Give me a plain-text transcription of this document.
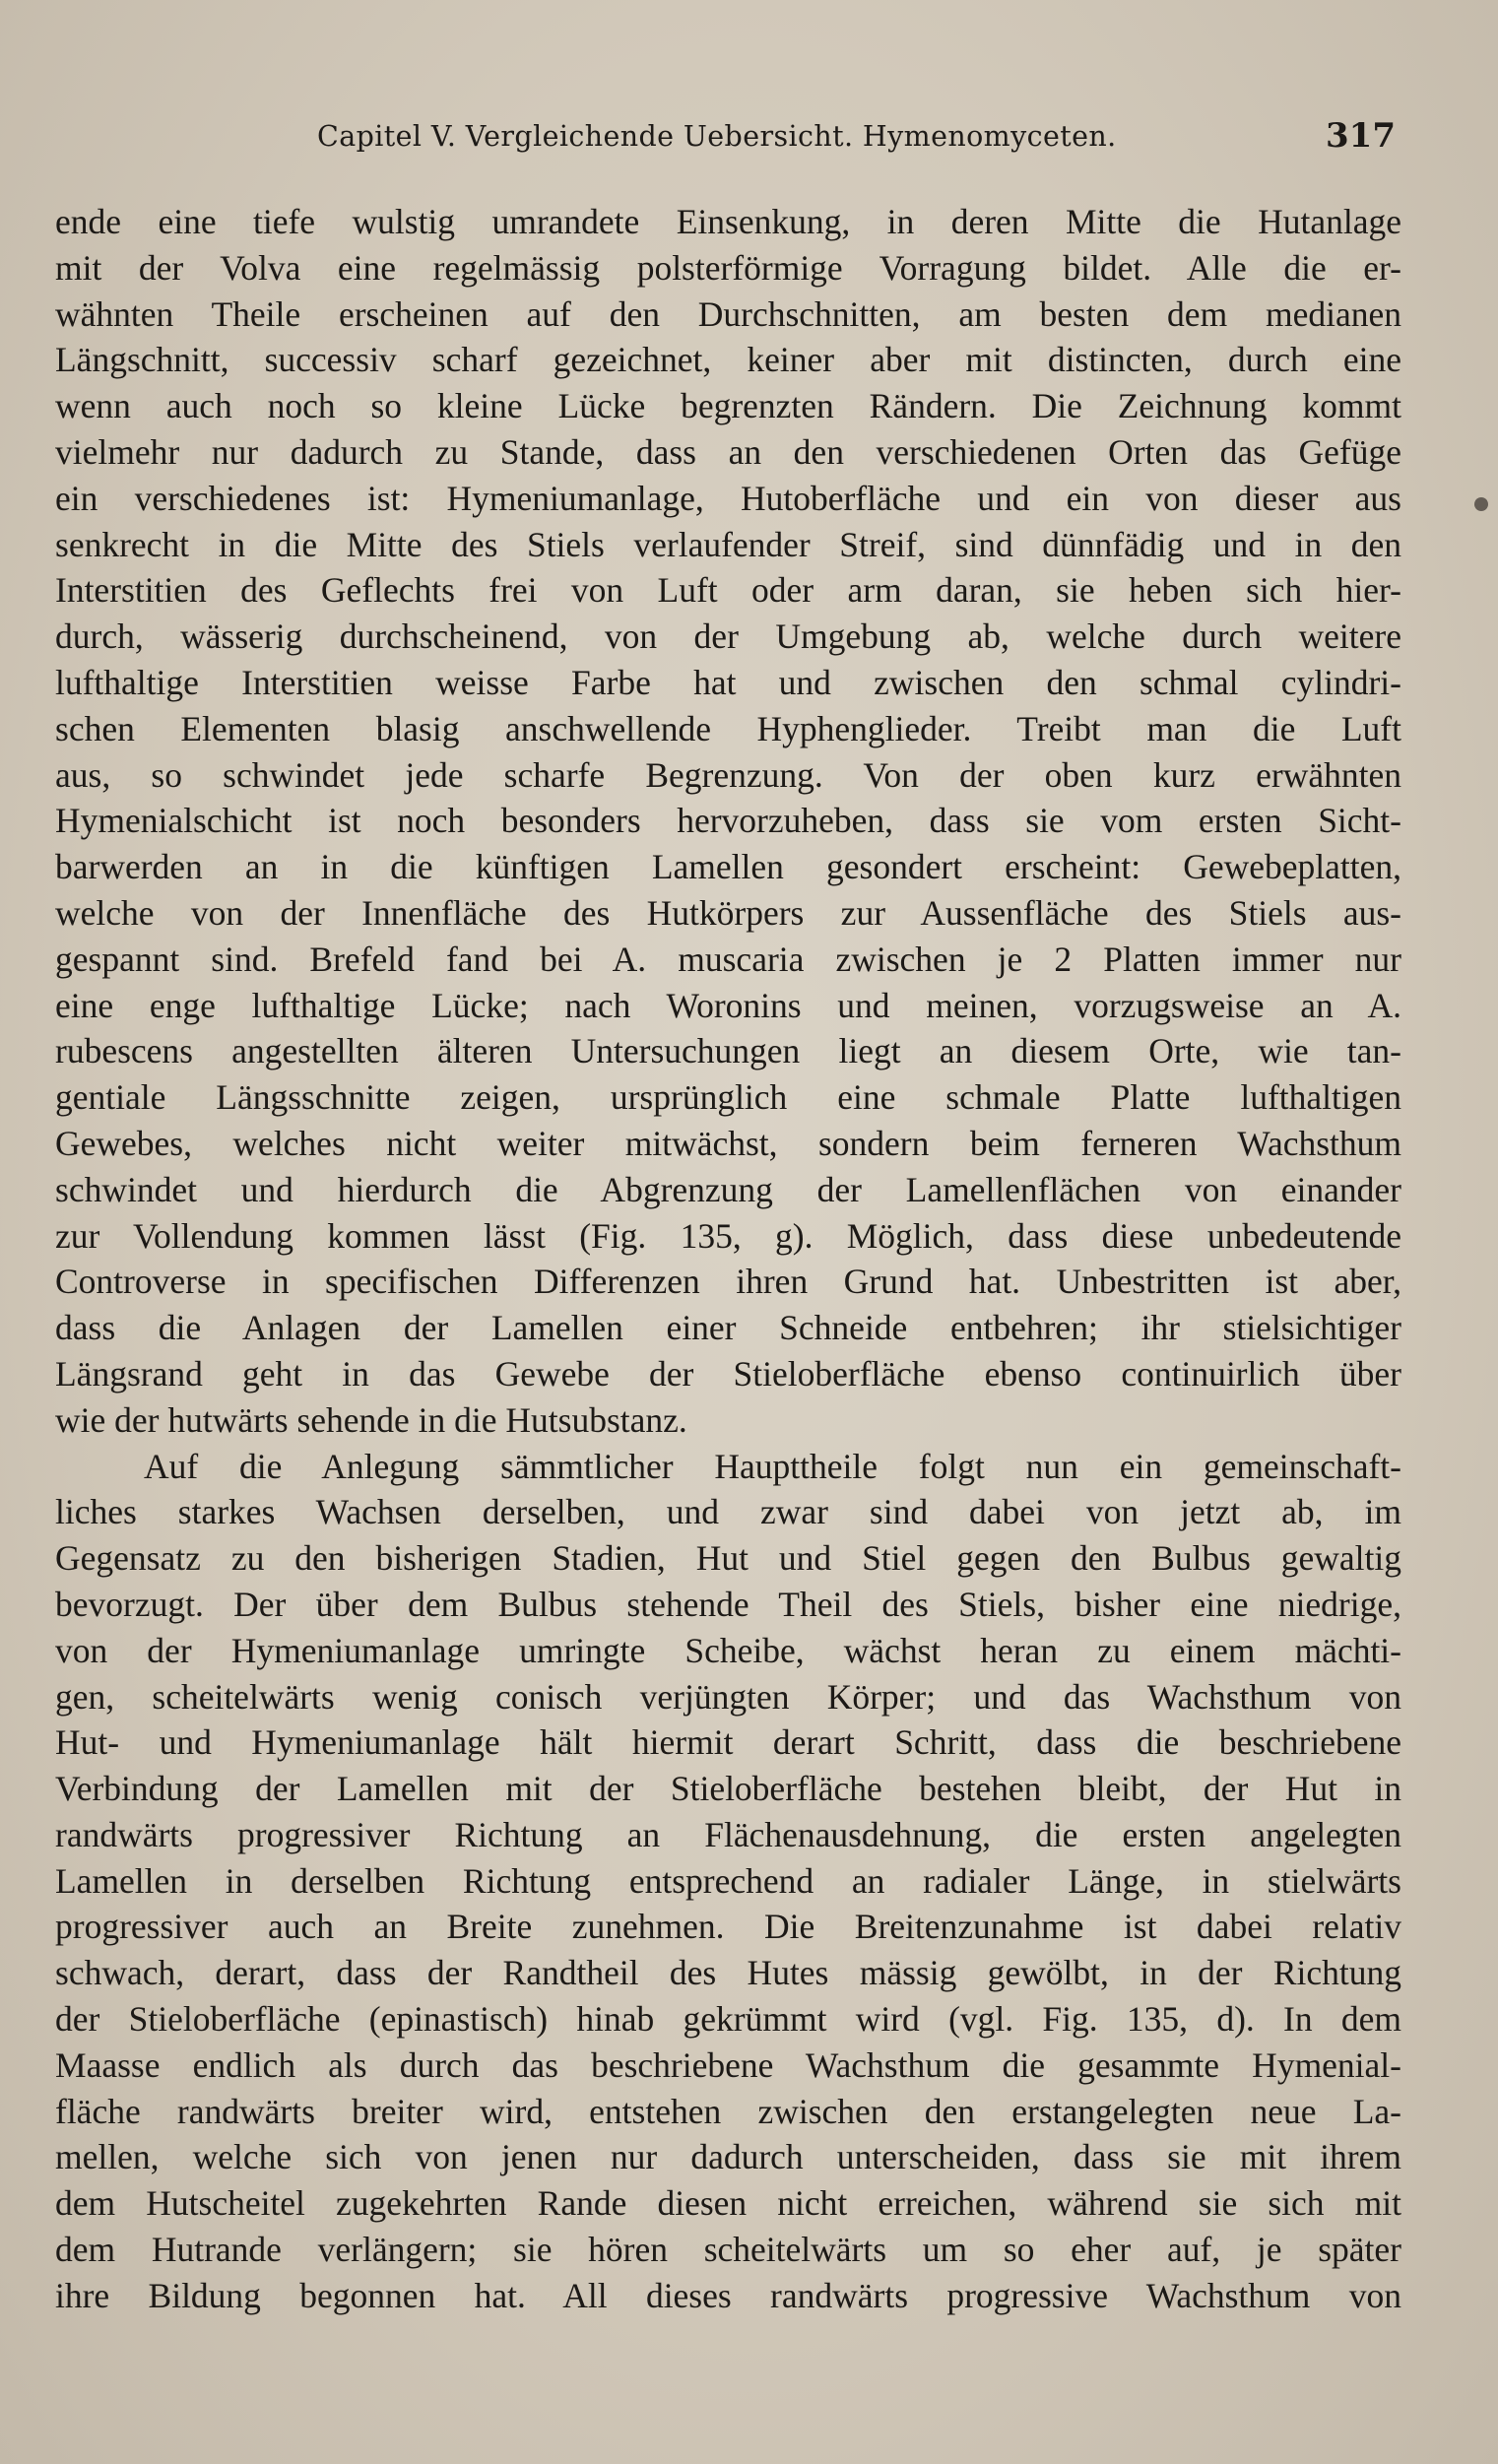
Capitel V. Vergleichende Uebersicht. Hymenomyceten.	317
ende eine tiefe wulstig umrandete Einsenkung, in deren Mitte die Hutanlage
mit der Volva eine regelmässig polsterförmige Vorragung bildet. Alle die er-
wähnten Theile erscheinen auf den Durchschnitten, am besten dem medianen
Längschnitt, successiv scharf gezeichnet, keiner aber mit distincten, durch eine
wenn auch noch so kleine Lücke begrenzten Rändern. Die Zeichnung kommt
vielmehr nur dadurch zu Stande, dass an den verschiedenen Orten das Gefüge
ein verschiedenes ist: Hymeniumanlage, Hutoberfläche und ein von dieser aus
senkrecht in die Mitte des Stiels verlaufender Streif, sind dünnfädig und in den
Interstitien des Geflechts frei von Luft oder arm daran, sie heben sich hier-
durch, wässerig durchscheinend, von der Umgebung ab, welche durch weitere
lufthaltige Interstitien weisse Farbe hat und zwischen den schmal cylindri-
schen Elementen blasig anschwellende Hyphenglieder. Treibt man die Luft
aus, so schwindet jede scharfe Begrenzung. Von der oben kurz erwähnten
Hymenialschicht ist noch besonders hervorzuheben, dass sie vom ersten Sicht-
barwerden an in die künftigen Lamellen gesondert erscheint: Gewebeplatten,
welche von der Innenfläche des Hutkörpers zur Aussenfläche des Stiels aus-
gespannt sind. Brefeld fand bei A. muscaria zwischen je 2 Platten immer nur
eine enge lufthaltige Lücke; nach Woronins und meinen, vorzugsweise an A.
rubescens angestellten älteren Untersuchungen liegt an diesem Orte, wie tan-
gentiale Längsschnitte zeigen, ursprünglich eine schmale Platte lufthaltigen
Gewebes, welches nicht weiter mitwächst, sondern beim ferneren Wachsthum
schwindet und hierdurch die Abgrenzung der Lamellenflächen von einander
zur Vollendung kommen lässt (Fig. 135, g). Möglich, dass diese unbedeutende
Controverse in specifischen Differenzen ihren Grund hat. Unbestritten ist aber,
dass die Anlagen der Lamellen einer Schneide entbehren; ihr stielsichtiger
Längsrand geht in das Gewebe der Stieloberfläche ebenso continuirlich über
wie der hutwärts sehende in die Hutsubstanz.
Auf die Anlegung sämmtlicher Haupttheile folgt nun ein gemeinschaft-
liches starkes Wachsen derselben, und zwar sind dabei von jetzt ab, im
Gegensatz zu den bisherigen Stadien, Hut und Stiel gegen den Bulbus gewaltig
bevorzugt. Der über dem Bulbus stehende Theil des Stiels, bisher eine niedrige,
von der Hymeniumanlage umringte Scheibe, wächst heran zu einem mächti-
gen, scheitelwärts wenig conisch verjüngten Körper; und das Wachsthum von
Hut- und Hymeniumanlage hält hiermit derart Schritt, dass die beschriebene
Verbindung der Lamellen mit der Stieloberfläche bestehen bleibt, der Hut in
randwärts progressiver Richtung an Flächenausdehnung, die ersten angelegten
Lamellen in derselben Richtung entsprechend an radialer Länge, in stielwärts
progressiver auch an Breite zunehmen. Die Breitenzunahme ist dabei relativ
schwach, derart, dass der Randtheil des Hutes mässig gewölbt, in der Richtung
der Stieloberfläche (epinastisch) hinab gekrümmt wird (vgl. Fig. 135, d). In dem
Maasse endlich als durch das beschriebene Wachsthum die gesammte Hymenial-
fläche randwärts breiter wird, entstehen zwischen den erstangelegten neue La-
mellen, welche sich von jenen nur dadurch unterscheiden, dass sie mit ihrem
dem Hutscheitel zugekehrten Rande diesen nicht erreichen, während sie sich mit
dem Hutrande verlängern; sie hören scheitelwärts um so eher auf, je später
ihre Bildung begonnen hat. All dieses randwärts progressive Wachsthum von
